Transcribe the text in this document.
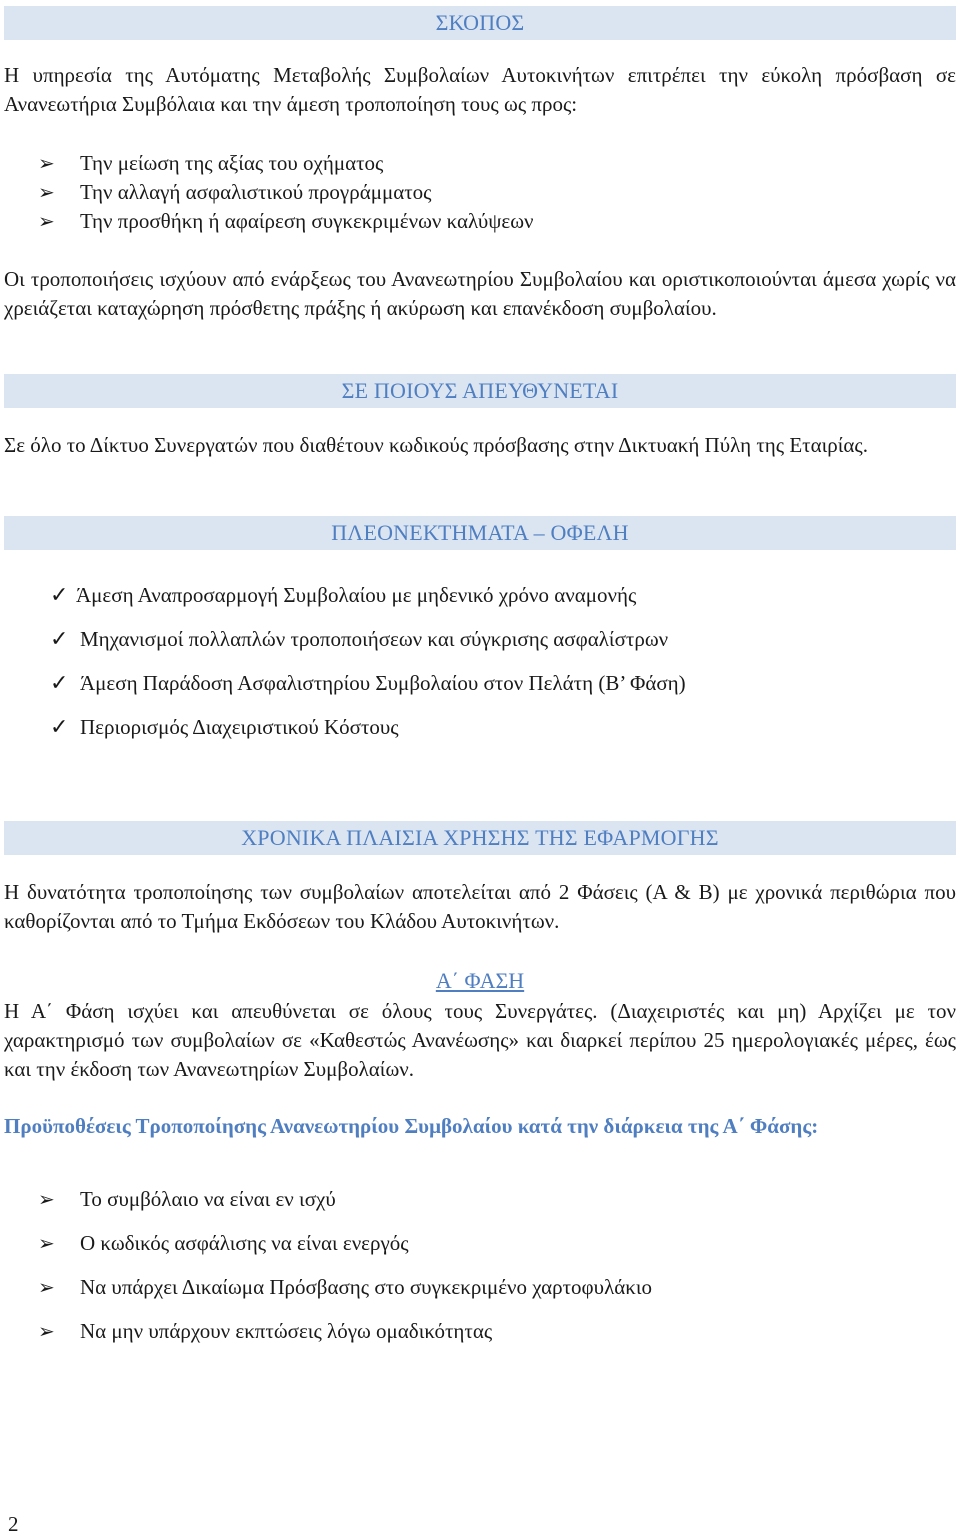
ΣΚΟΠΟΣ

Η υπηρεσία της Αυτόματης Μεταβολής Συμβολαίων Αυτοκινήτων επιτρέπει την εύκολη πρόσβαση σε Ανανεωτήρια Συμβόλαια και την άμεση τροποποίηση τους ως προς:

➢ Την μείωση της αξίας του οχήματος
➢ Την αλλαγή ασφαλιστικού προγράμματος
➢ Την προσθήκη ή αφαίρεση συγκεκριμένων καλύψεων

Οι τροποποιήσεις ισχύουν από ενάρξεως του Ανανεωτηρίου Συμβολαίου και οριστικοποιούνται άμεσα χωρίς να χρειάζεται καταχώρηση πρόσθετης πράξης ή ακύρωση και επανέκδοση συμβολαίου.

ΣΕ ΠΟΙΟΥΣ ΑΠΕΥΘΥΝΕΤΑΙ

Σε όλο το Δίκτυο Συνεργατών που διαθέτουν κωδικούς πρόσβασης στην Δικτυακή Πύλη της Εταιρίας.

ΠΛΕΟΝΕΚΤΗΜΑΤΑ – ΟΦΕΛΗ
✓ Άμεση Αναπροσαρμογή Συμβολαίου με μηδενικό χρόνο αναμονής
✓ Μηχανισμοί πολλαπλών τροποποιήσεων και σύγκρισης ασφαλίστρων
✓ Άμεση Παράδοση Ασφαλιστηρίου Συμβολαίου στον Πελάτη (Β’ Φάση)
✓ Περιορισμός Διαχειριστικού Κόστους
ΧΡΟΝΙΚΑ ΠΛΑΙΣΙΑ ΧΡΗΣΗΣ ΤΗΣ ΕΦΑΡΜΟΓΗΣ

Η δυνατότητα τροποποίησης των συμβολαίων αποτελείται από 2 Φάσεις (Α & Β) με χρονικά περιθώρια που καθορίζονται από το Τμήμα Εκδόσεων του Κλάδου Αυτοκινήτων.

Α΄ ΦΑΣΗ

Η Α΄ Φάση ισχύει και απευθύνεται σε όλους τους Συνεργάτες. (Διαχειριστές και μη) Αρχίζει με τον χαρακτηρισμό των συμβολαίων σε «Καθεστώς Ανανέωσης» και διαρκεί περίπου 25 ημερολογιακές μέρες, έως και την έκδοση των Ανανεωτηρίων Συμβολαίων.

Προϋποθέσεις Τροποποίησης Ανανεωτηρίου Συμβολαίου κατά την διάρκεια της Α΄ Φάσης:

➢ Το συμβόλαιο να είναι εν ισχύ
➢ Ο κωδικός ασφάλισης να είναι ενεργός
➢ Να υπάρχει Δικαίωμα Πρόσβασης στο συγκεκριμένο χαρτοφυλάκιο
➢ Να μην υπάρχουν εκπτώσεις λόγω ομαδικότητας
2
